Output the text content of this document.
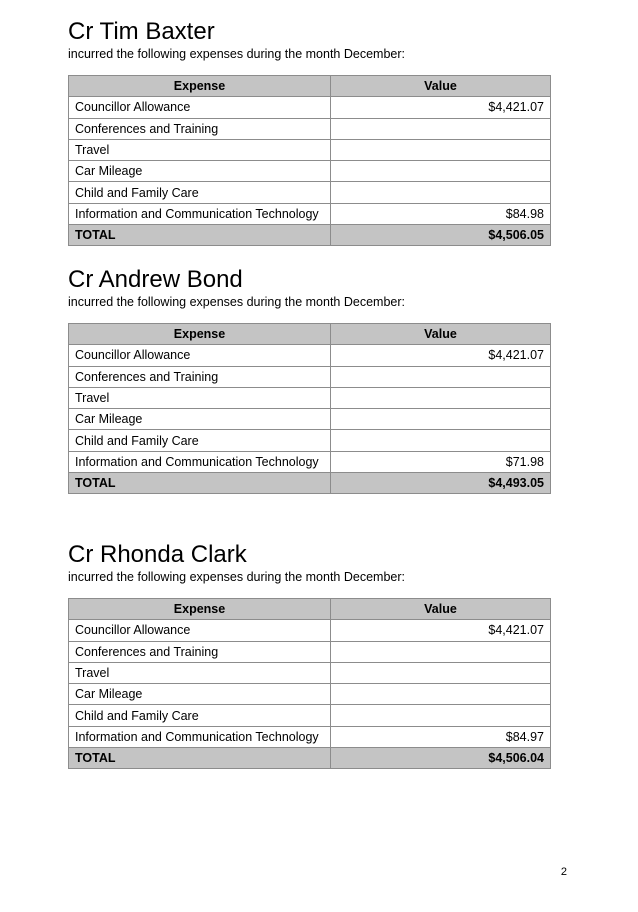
Cr Tim Baxter

incurred the following expenses during the month December:

Expense	Value
Councillor Allowance	$4,421.07
Conferences and Training	
Travel	
Car Mileage	
Child and Family Care	
Information and Communication Technology	$84.98
TOTAL	$4,506.05
Cr Andrew Bond

incurred the following expenses during the month December:

Expense	Value
Councillor Allowance	$4,421.07
Conferences and Training	
Travel	
Car Mileage	
Child and Family Care	
Information and Communication Technology	$71.98
TOTAL	$4,493.05
Cr Rhonda Clark

incurred the following expenses during the month December:

Expense	Value
Councillor Allowance	$4,421.07
Conferences and Training	
Travel	
Car Mileage	
Child and Family Care	
Information and Communication Technology	$84.97
TOTAL	$4,506.04
2
